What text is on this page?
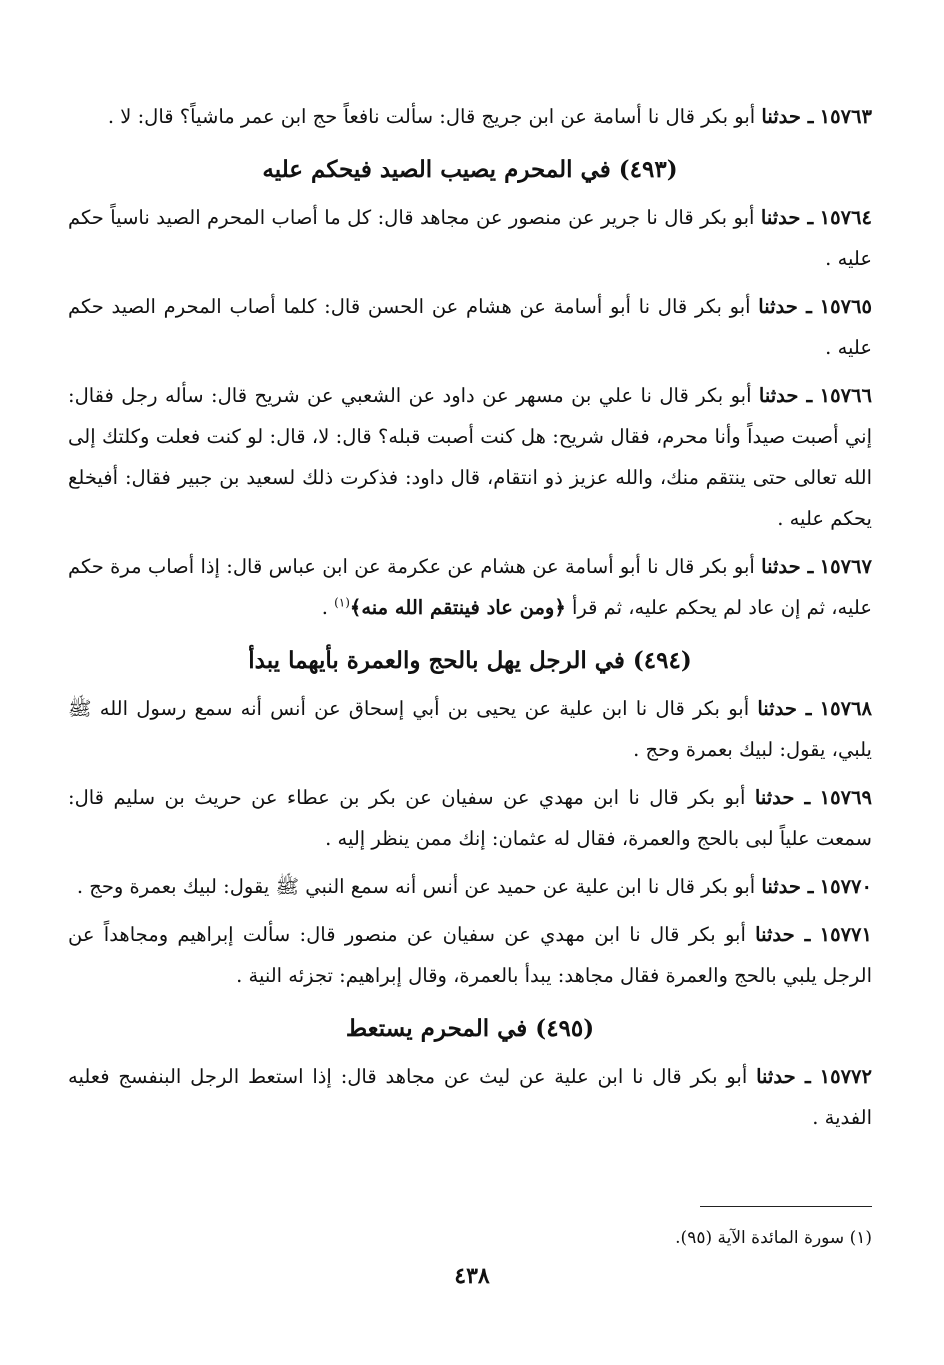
١٥٧٦٣ ـ حدثنا أبو بكر قال نا أسامة عن ابن جريج قال: سألت نافعاً حج ابن عمر ماشياً؟ قال: لا .

(٤٩٣) في المحرم يصيب الصيد فيحكم عليه

١٥٧٦٤ ـ حدثنا أبو بكر قال نا جرير عن منصور عن مجاهد قال: كل ما أصاب المحرم الصيد ناسياً حكم عليه .

١٥٧٦٥ ـ حدثنا أبو بكر قال نا أبو أسامة عن هشام عن الحسن قال: كلما أصاب المحرم الصيد حكم عليه .

١٥٧٦٦ ـ حدثنا أبو بكر قال نا علي بن مسهر عن داود عن الشعبي عن شريح قال: سأله رجل فقال: إني أصبت صيداً وأنا محرم، فقال شريح: هل كنت أصبت قبله؟ قال: لا، قال: لو كنت فعلت وكلتك إلى الله تعالى حتى ينتقم منك، والله عزيز ذو انتقام، قال داود: فذكرت ذلك لسعيد بن جبير فقال: أفيخلع يحكم عليه .

١٥٧٦٧ ـ حدثنا أبو بكر قال نا أبو أسامة عن هشام عن عكرمة عن ابن عباس قال: إذا أصاب مرة حكم عليه، ثم إن عاد لم يحكم عليه، ثم قرأ ﴿ومن عاد فينتقم الله منه﴾$^{(١)}$ .

(٤٩٤) في الرجل يهل بالحج والعمرة بأيهما يبدأ

١٥٧٦٨ ـ حدثنا أبو بكر قال نا ابن علية عن يحيى بن أبي إسحاق عن أنس أنه سمع رسول الله ﷺ يلبي، يقول: لبيك بعمرة وحج .

١٥٧٦٩ ـ حدثنا أبو بكر قال نا ابن مهدي عن سفيان عن بكر بن عطاء عن حريث بن سليم قال: سمعت علياً لبى بالحج والعمرة، فقال له عثمان: إنك ممن ينظر إليه .

١٥٧٧٠ ـ حدثنا أبو بكر قال نا ابن علية عن حميد عن أنس أنه سمع النبي ﷺ يقول: لبيك بعمرة وحج .

١٥٧٧١ ـ حدثنا أبو بكر قال نا ابن مهدي عن سفيان عن منصور قال: سألت إبراهيم ومجاهداً عن الرجل يلبي بالحج والعمرة فقال مجاهد: يبدأ بالعمرة، وقال إبراهيم: تجزئه النية .

(٤٩٥) في المحرم يستعط

١٥٧٧٢ ـ حدثنا أبو بكر قال نا ابن علية عن ليث عن مجاهد قال: إذا استعط الرجل البنفسج فعليه الفدية .

(١) سورة المائدة الآية (٩٥).
٤٣٨
